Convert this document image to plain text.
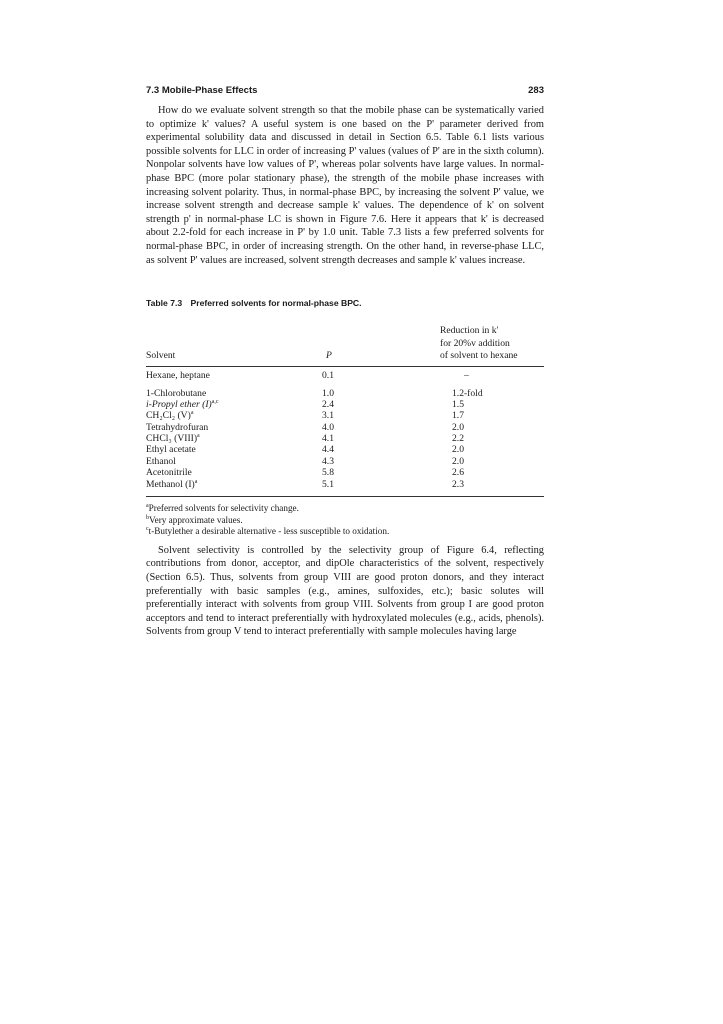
7.3 Mobile-Phase Effects	283

How do we evaluate solvent strength so that the mobile phase can be systematically varied to optimize k' values? A useful system is one based on the P' parameter derived from experimental solubility data and discussed in detail in Section 6.5. Table 6.1 lists various possible solvents for LLC in order of increasing P' values (values of P' are in the sixth column). Nonpolar solvents have low values of P', whereas polar solvents have large values. In normal-phase BPC (more polar stationary phase), the strength of the mobile phase increases with increasing solvent polarity. Thus, in normal-phase BPC, by increasing the solvent P' value, we increase solvent strength and decrease sample k' values. The dependence of k' on solvent strength p' in normal-phase LC is shown in Figure 7.6. Here it appears that k' is decreased about 2.2-fold for each increase in P' by 1.0 unit. Table 7.3 lists a few preferred solvents for normal-phase BPC, in order of increasing strength. On the other hand, in reverse-phase LLC, as solvent P' values are increased, solvent strength decreases and sample k' values increase.

Table 7.3 Preferred solvents for normal-phase BPC.
Solvent	P
Reduction in k'
for 20%v addition
of solvent to hexane
Hexane, heptane	0.1	–
1-Chlorobutane	1.0	1.2-fold
i-Propyl ether $(I)^{a,c}$	2.4	1.5
CH₂Cl₂ $(V)^a$	3.1	1.7
Tetrahydrofuran	4.0	2.0
CHCl₃ (VIII)$^a$	4.1	2.2
Ethyl acetate	4.4	2.0
Ethanol	4.3	2.0
Acetonitrile	5.8	2.6
Methanol $(I)^a$	5.1	2.3
$^a$Preferred solvents for selectivity change.
$^b$Very approximate values.
$^c$t-Butylether a desirable alternative - less susceptible to oxidation.

Solvent selectivity is controlled by the selectivity group of Figure 6.4, reflecting contributions from donor, acceptor, and dipOle characteristics of the solvent, respectively (Section 6.5). Thus, solvents from group VIII are good proton donors, and they interact preferentially with basic samples (e.g., amines, sulfoxides, etc.); basic solutes will preferentially interact with solvents from group VIII. Solvents from group I are good proton acceptors and tend to interact preferentially with hydroxylated molecules (e.g., acids, phenols). Solvents from group V tend to interact preferentially with sample molecules having large
